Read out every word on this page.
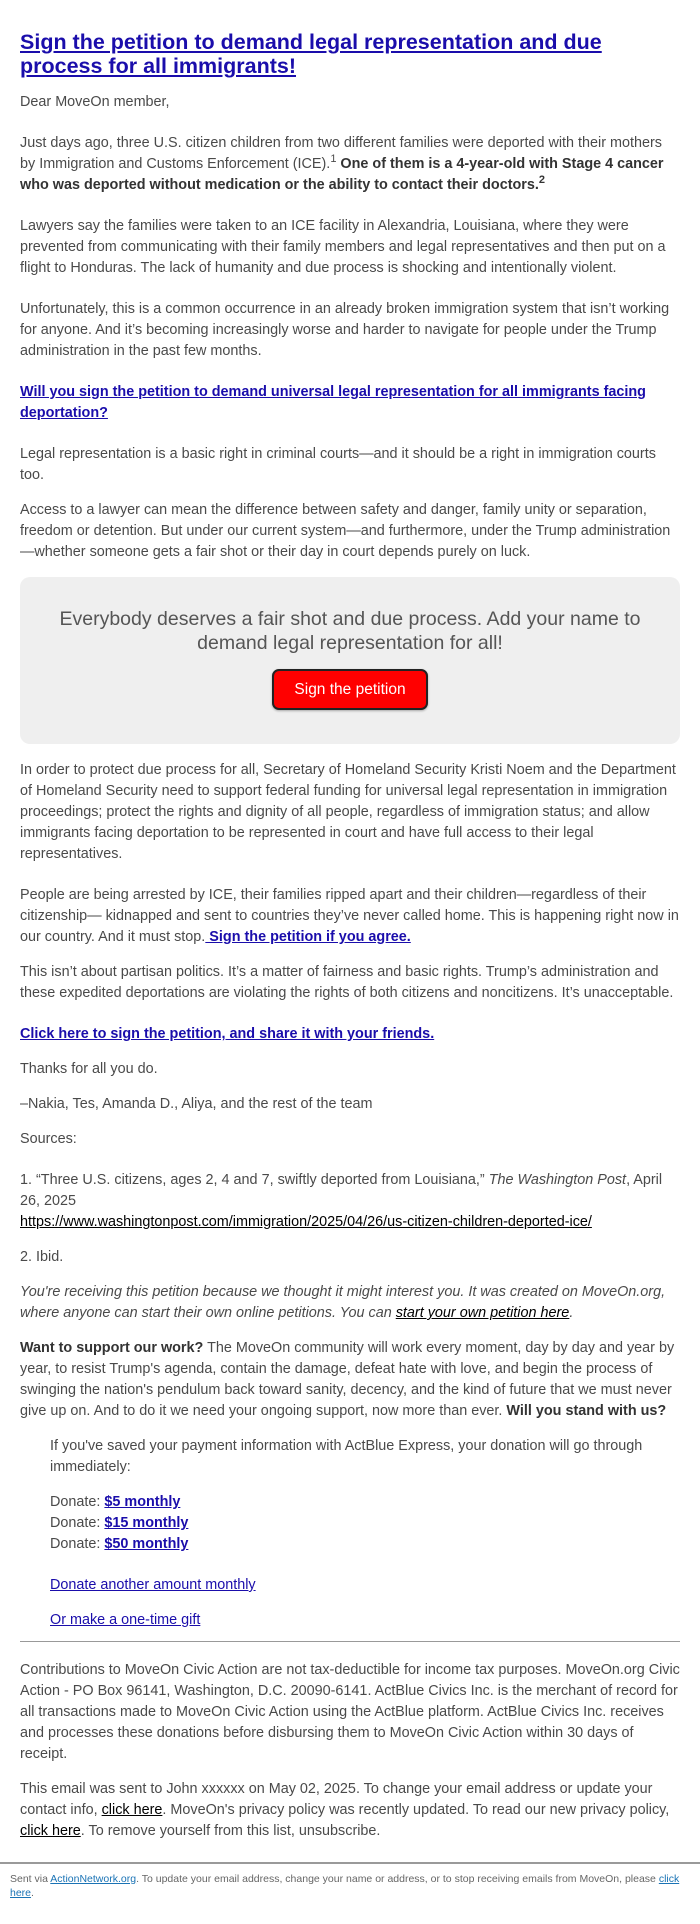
Sign the petition to demand legal representation and due process for all immigrants!

Dear MoveOn member,

Just days ago, three U.S. citizen children from two different families were deported with their mothers by Immigration and Customs Enforcement (ICE).$^1$ One of them is a 4-year-old with Stage 4 cancer who was deported without medication or the ability to contact their doctors.$^2$

Lawyers say the families were taken to an ICE facility in Alexandria, Louisiana, where they were prevented from communicating with their family members and legal representatives and then put on a flight to Honduras. The lack of humanity and due process is shocking and intentionally violent.

Unfortunately, this is a common occurrence in an already broken immigration system that isn’t working for anyone. And it’s becoming increasingly worse and harder to navigate for people under the Trump administration in the past few months.

Will you sign the petition to demand universal legal representation for all immigrants facing deportation?

Legal representation is a basic right in criminal courts—and it should be a right in immigration courts too.

Access to a lawyer can mean the difference between safety and danger, family unity or separation, freedom or detention. But under our current system—and furthermore, under the Trump administration—whether someone gets a fair shot or their day in court depends purely on luck.

Everybody deserves a fair shot and due process. Add your name to demand legal representation for all!
Sign the petition

In order to protect due process for all, Secretary of Homeland Security Kristi Noem and the Department of Homeland Security need to support federal funding for universal legal representation in immigration proceedings; protect the rights and dignity of all people, regardless of immigration status; and allow immigrants facing deportation to be represented in court and have full access to their legal representatives.

People are being arrested by ICE, their families ripped apart and their children—regardless of their citizenship— kidnapped and sent to countries they’ve never called home. This is happening right now in our country. And it must stop. Sign the petition if you agree.

This isn’t about partisan politics. It’s a matter of fairness and basic rights. Trump’s administration and these expedited deportations are violating the rights of both citizens and noncitizens. It’s unacceptable.

Click here to sign the petition, and share it with your friends.

Thanks for all you do.

–Nakia, Tes, Amanda D., Aliya, and the rest of the team

Sources:

1. “Three U.S. citizens, ages 2, 4 and 7, swiftly deported from Louisiana,” The Washington Post, April 26, 2025
https://www.washingtonpost.com/immigration/2025/04/26/us-citizen-children-deported-ice/

2. Ibid.

You're receiving this petition because we thought it might interest you. It was created on MoveOn.org, where anyone can start their own online petitions. You can start your own petition here.

Want to support our work? The MoveOn community will work every moment, day by day and year by year, to resist Trump's agenda, contain the damage, defeat hate with love, and begin the process of swinging the nation's pendulum back toward sanity, decency, and the kind of future that we must never give up on. And to do it we need your ongoing support, now more than ever. Will you stand with us?

If you've saved your payment information with ActBlue Express, your donation will go through immediately:

Donate: $5 monthly

Donate: $15 monthly

Donate: $50 monthly

Donate another amount monthly

Or make a one-time gift

Contributions to MoveOn Civic Action are not tax-deductible for income tax purposes. MoveOn.org Civic Action - PO Box 96141, Washington, D.C. 20090-6141. ActBlue Civics Inc. is the merchant of record for all transactions made to MoveOn Civic Action using the ActBlue platform. ActBlue Civics Inc. receives and processes these donations before disbursing them to MoveOn Civic Action within 30 days of receipt.

This email was sent to John xxxxxx on May 02, 2025. To change your email address or update your contact info, click here. MoveOn's privacy policy was recently updated. To read our new privacy policy, click here. To remove yourself from this list, unsubscribe.

Sent via ActionNetwork.org. To update your email address, change your name or address, or to stop receiving emails from MoveOn, please click here.
